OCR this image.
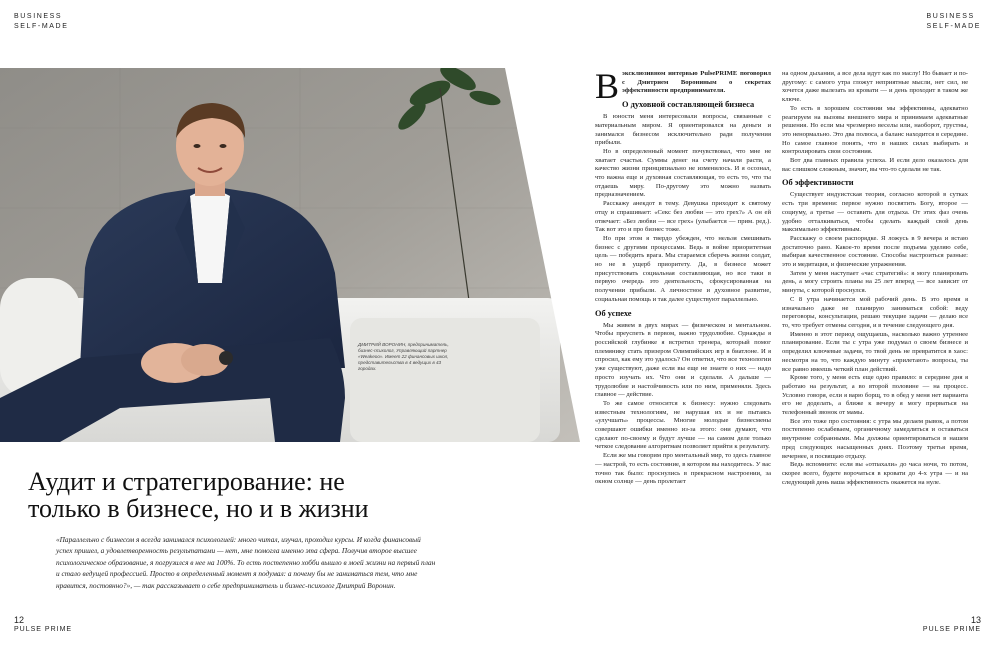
BUSINESS
SELF-MADE
BUSINESS
SELF-MADE
ДМИТРИЙ ВОРОНИН, предприниматель, бизнес-психолог, Управляющий партнер «Weakeoo». Имеет 22 финансовых школ, представительства в 4 ведущих в 43 городах.
Аудит и стратегирование: не только в бизнесе, но и в жизни

«Параллельно с бизнесом я всегда занимался психологией: много читал, изучал, проходил курсы. И когда финансовый успех пришел, а удовлетворенность результатами — нет, мне помогла именно эта сфера. Получив второе высшее психологическое образование, я погрузился в нее на 100%. То есть постепенно хобби вышло в моей жизни на первый план и стало ведущей профессией. Просто в определенный момент я подумал: а почему бы не заниматься тем, что мне нравится, постоянно?», — так рассказывает о себе предприниматель и бизнес-психолог Дмитрий Воронин.

Вэксклюзивном интервью PulsePRIME поговорил с Дмитрием Ворониным о секретах эффективности предпринимателя.

О духовной составляющей бизнеса

В юности меня интересовали вопросы, связанные с материальным миром. Я ориентировался на деньги и занимался бизнесом исключительно ради получения прибыли.

Но в определенный момент почувствовал, что мне не хватает счастья. Суммы денег на счету начали расти, а качество жизни принципиально не изменилось. И я осознал, что важна еще и духовная составляющая, то есть то, что ты отдаешь миру. По-другому это можно назвать предназначением.

Расскажу анекдот в тему. Девушка приходит к святому отцу и спрашивает: «Секс без любви — это грех?» А он ей отвечает: «Без любви — все грех» (улыбается — прим. ред.). Так вот это и про бизнес тоже.

Но при этом я твердо убежден, что нельзя смешивать бизнес с другими процессами. Ведь в войне приоритетная цель — победить врага. Мы стараемся сберечь жизни солдат, но не в ущерб приоритету. Да, в бизнесе может присутствовать социальная составляющая, но все таки в первую очередь это деятельность, сфокусированная на получении прибыли. А личностное и духовное развитие, социальная помощь и так далее существуют параллельно.

Об успехе

Мы живем в двух мирах — физическом и ментальном. Чтобы преуспеть в первом, важно трудолюбие. Однажды я российской глубинке я встретил тренера, который помог племянику стать призером Олимпийских игр в биатлоне. И я спросил, как ему это удалось? Он ответил, что все технологии уже существуют, даже если вы еще не знаете о них — надо просто изучать их. Что они и сделали. А дальше — трудолюбие и настойчивость или по ним, применяли. Здесь главное — действие.

То же самое относится к бизнесу: нужно следовать известным технологиям, не нарушая их и не пытаясь «улучшать» процессы. Многие молодые бизнесмены совершают ошибки именно из-за этого: они думают, что сделают по-своему и будут лучше — на самом деле только четкое следование алгоритмам позволяет прийти к результату.

Если же мы говорим про ментальный мир, то здесь главное — настрой, то есть состояние, в котором вы находитесь. У вас точно так было: проснулись в прекрасном настроении, за окном солнце — день пролетает

на одном дыхании, а все дела идут как по маслу! Но бывает и по-другому: с самого утра гложут неприятные мысли, нет сил, не хочется даже вылезать из кровати — и день проходит в таком же ключе.

То есть в хорошем состоянии мы эффективны, адекватно реагируем на вызовы внешнего мира и принимаем адекватные решения. Но если мы чрезмерно веселы или, наоборот, грустны, это ненормально. Это два полюса, а баланс находится в середине. Но самое главное понять, что в наших силах выбирать и контролировать свои состояния.

Вот два главных правила успеха. И если дело оказалось для вас слишком сложным, значит, вы что-то сделали не так.

Об эффективности

Существует индуистская теория, согласно которой в сутках есть три времени: первое нужно посвятить Богу, второе — социуму, а третье — оставить для отдыха. От этих фаз очень удобно отталкиваться, чтобы сделать каждый свой день максимально эффективным.

Расскажу о своем распорядке. Я ложусь в 9 вечера и встаю достаточно рано. Какое-то время после подъема уделяю себе, выбирая качественное состояние. Способы настроиться разные: это и медитация, и физические упражнения.

Затем у меня наступает «час стратегий»: я могу планировать день, а могу строить планы на 25 лет вперед — все зависит от минуты, с которой проснулся.

С 8 утра начинается мой рабочий день. В это время я изначально даже не планирую заниматься собой: веду переговоры, консультации, решаю текущие задачи — делаю все то, что требует отмены сегодня, и в течение следующего дня.

Именно в этот период ощущаешь, насколько важно утреннее планирование. Если ты с утра уже подумал о своем бизнесе и определил ключевые задачи, то твой день не превратится в хаос: несмотря на то, что каждую минуту «прилетают» вопросы, ты все равно имеешь четкий план действий.

Кроме того, у меня есть еще одно правило: в середине дня я работаю на результат, а во второй половине — на процесс. Условно говоря, если я варю борщ, то в обед у меня нет варианта его не доделать, а ближе к вечеру я могу прерваться на телефонный звонок от мамы.

Все это тоже про состояния: с утра мы делаем рывок, а потом постепенно ослабеваем, органичному замедлиться и оставаться внутренне собранными. Мы должны ориентироваться в нашем пред следующих насыщенных днях. Поэтому третья время, вечернее, я посвящаю отдыху.

Ведь вспомните: если вы «отпахали» до часа ночи, то потом, скорее всего, будете ворочаться в кровати до 4-х утра — и на следующий день ваша эффективность окажется на нуле.

12
PULSE PRIME
13
PULSE PRIME
